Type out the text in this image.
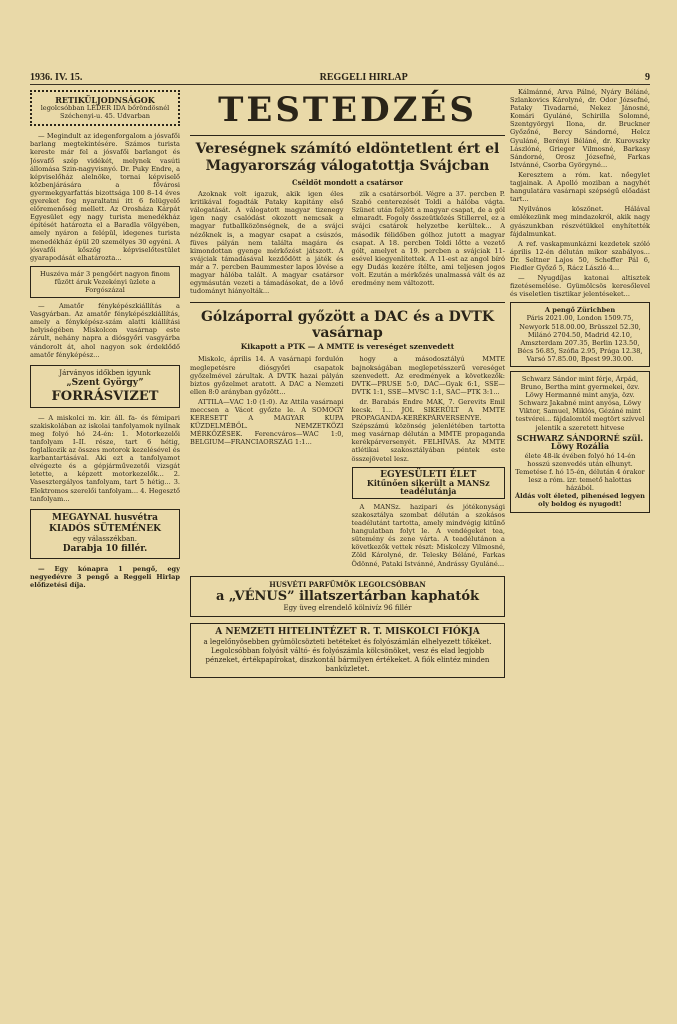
1936. IV. 15.	REGGELI HIRLAP	9
RETIKÜLJODNSÁGOK
legolcsóbban LÉDER IDA bőröndösnél Széchenyi-u. 45. Udvarban

— Megindult az idegenforgalom a jósvafői barlang megtekintésére. Számos turista kereste már fel a jósvafői barlangot és Jósvafő szép vidékét, melynek vasúti állomása Szin-nagyvisnyó. Dr. Puky Endre, a képviselőház alelnöke, tornai képviselő közbenjárására a fővárosi gyermekgyarfattás bizottsága 100 8–14 éves gyereket fog nyaraltatni itt 6 felügyelő előremenőség mellett. Az Orosháza Kárpát Egyesület egy nagy turista menedékház építését határozta el a Baradla völgyében, amely nyáron a felépül, idegenes turista menedékház épül 20 személyes 30 egyéni. A jósvafői kőszög képviselőtestület gyarapodását elhatározta...

Huszéva már 3 pengőért nagyon finom fűzött áruk Vezekényi üzlete a Forgószázal

— Amatőr fényképészkiállítás a Vasgyárban. Az amatőr fényképészkiállítás, amely a fényképész-szám alatti kiállítási helyiségében Miskolcon vasárnap este zárult, nehány napra a diósgyőri vasgyárba vándorolt át, ahol nagyon sok érdeklődő amatőr fényképész...

Járványos időkben igyunk
„Szent György”
FORRÁSVIZET

— A miskolci m. kir. áll. fa- és fémipari szakiskolában az iskolai tanfolyamok nyilnak meg folyó hó 24-én: 1. Motorkezelői tanfolyam I–II. része, tart 6 hétig, foglalkozik az összes motorok kezelésével és karbantartásával. Aki ezt a tanfolyamot elvégezte és a gépjárművezetői vizsgát letette, a képzett motorkezelők... 2. Vasesztergályos tanfolyam, tart 5 hétig... 3. Elektromos szerelői tanfolyam... 4. Hegesztő tanfolyam...

MEGAYNAL husvétra KIADÓS SÜTEMÉNEK
egy válasszékban.
Darabja 10 fillér.

— Egy kónapra 1 pengő, egy negyedévre 3 pengő a Reggeli Hirlap előfizetési díja.

TESTEDZÉS
Vereségnek számító eldöntetlent ért el Magyarország válogatottja Svájcban
Cséldöt mondott a csatársor

Azoknak volt igazuk, akik igen éles kritikával fogadták Pataky kapitány első válogatását. A válogatott magyar tizenegy igen nagy csalódást okozott nemcsak a magyar futballközönségnek, de a svájci nézőknek is, a magyar csapat a csúszós, füves pályán nem találta magára és kimondottan gyenge mérkőzést játszott. A svájciak támadásával kezdődött a játék és már a 7. percben Baummester lapos lövése a magyar hálóba talált. A magyar csatársor egymásután vezeti a támadásokat, de a lövő tudományt hiányolták...

zik a csatársorból. Végre a 37. percben P. Szabó centerezését Toldi a hálóba vágta. Szünet után feljött a magyar csapat, de a gól elmaradt. Fogoly összeütközés Stillerrel, ez a svájci csatárok helyzetbe kerültek... A második félidőben gólhoz jutott a magyar csapat. A 18. percben Toldi lőtte a vezető gólt, amelyet a 19. percben a svájciak 11-esével kiegyenlítettek. A 11-est az angol bíró egy Dudás kezére ítélte, ami teljesen jogos volt. Ezután a mérkőzés unalmassá vált és az eredmény nem változott.

Gólzáporral győzött a DAC és a DVTK vasárnap
Kikapott a PTK — A MMTE is vereséget szenvedett

Miskolc, április 14. A vasárnapi fordulón meglepetésre diósgyőri csapatok győzelmével zárultak. A DVTK hazai pályán biztos győzelmet aratott. A DAC a Nemzeti ellen 8:0 arányban győzött...

ATTILA—VAC 1:0 (1:0). Az Attila vasárnapi meccsen a Vácot győzte le. A SOMOGY KERESETT A MAGYAR KUPA KÜZDELMÉBŐL. NEMZETKÖZI MÉRKŐZÉSEK. Ferencváros—WAC 1:0, BELGIUM—FRANCIAORSZÁG 1:1...

hogy a másodosztályú MMTE bajnokságában meglepetésszerű vereséget szenvedett. Az eredmények a következők: DVTK—PRUSE 5:0, DAC—Gyak 6:1, SSE—DVTK 1:1, SSE—MVSC 1:1, SAC—PTK 3:1...

dr. Barabás Endre MAK, 7. Gerevits Emil kecsk. 1... JOL SIKERÜLT A MMTE PROPAGANDA-KERÉKPÁRVERSENYE. Szépszámú közönség jelenlétében tartotta meg vasárnap délután a MMTE propaganda kerékpárversenyét. FELHÍVÁS. Az MMTE atlétikai szakosztályában péntek este összejövetel lesz.

EGYESÜLETI ÉLET
Kitűnően sikerült a MANSz teadélutánja

A MANSz. hazipari és jótékonysági szakosztálya szombat délután a szokásos teadélutánt tartotta, amely mindvégig kitűnő hangulatban folyt le. A vendégeket tea, sütemény és zene várta. A teadélutánon a következők vettek részt: Miskolczy Vilmosné, Zöld Károlyné, dr. Telesky Béláné, Farkas Ödönné, Pataki Istvánné, Andrássy Gyuláné...

HUSVÉTI PARFÜMÖK LEGOLCSÓBBAN
a „VÉNUS” illatszertárban kaphatók
Egy üveg elrendelő kölnivíz 96 fillér
A NEMZETI HITELINTÉZET R. T. MISKOLCI FIÓKJA
a legelőnyösebben gyümölcsözteti betéteket és folyószámlán elhelyezett tőkéket. Legolcsóbban folyósít váltó- és folyószámla kölcsönöket, vesz és elad legjobb pénzeket, értékpapírokat, diszkontál bármilyen értékeket. A fiók elintéz minden banküzletet.

Kálmánné, Arva Pálné, Nyáry Béláné, Szlankovics Károlyné, dr. Odor Józsefné, Pataky Tivadarné, Nekez Jánosné, Komári Gyuláné, Schirilla Solomné, Szentgyörgyi Ilona, dr. Bruckner Győzőné, Bercy Sándorné, Helcz Gyuláné, Berényi Béláné, dr. Kurovszky Lászlóné, Grieger Vilmosné, Barkasy Sándorné, Orosz Józsefné, Farkas Istvánné, Csorba Györgyné...

Keresztem a róm. kat. nőegylet tagjainak. A Apolló moziban a nagyhét hangulatára vasárnapi szépségű előadást tart...

Nyilvános köszönet. Hálával emlékezünk meg mindazokról, akik nagy gyászunkban részvétükkel enyhítették fájdalmunkat.

A ref. vaskapmunkázni kezdetek szóló április 12-én délután mikor szabályos... Dr. Seltner Lajos 50, Scheffer Pál 6, Fiedler Győző 5, Rácz László 4...

— Nyugdíjas katonai altisztek fizetésemelése. Gyümölcsös keresőlevel és viseletlen tisztikar jelentéseket...

A pengő Zürichben
Páris 2021.00, London 1509.75, Newyork 518.00.00, Brüsszel 52.30, Milánó 2704.50, Madrid 42.10, Amszterdam 207.35, Berlin 123.50, Bécs 56.85, Szófia 2.95, Prága 12.38, Varsó 57.85.00, Bpest 99.30.00.
Schwarz Sándor mint férje, Árpád, Bruno, Bertha mint gyermekei, özv. Löwy Hermanné mint anyja, özv. Schwarz Jakabné mint anyósa, Löwy Viktor, Samuel, Miklós, Gézáné mint testvérei... fájdalomtól megtört szívvel jelentik a szeretett hitvese
SCHWARZ SÁNDORNÉ szül. Löwy Rozália
élete 48-ik évében folyó hó 14-én hosszú szenvedés után elhunyt. Temetése f. hó 15-én, délután 4 órakor lesz a róm. izr. temető halottas házából.
Áldás volt életed, pihenésed legyen oly boldog és nyugodt!
